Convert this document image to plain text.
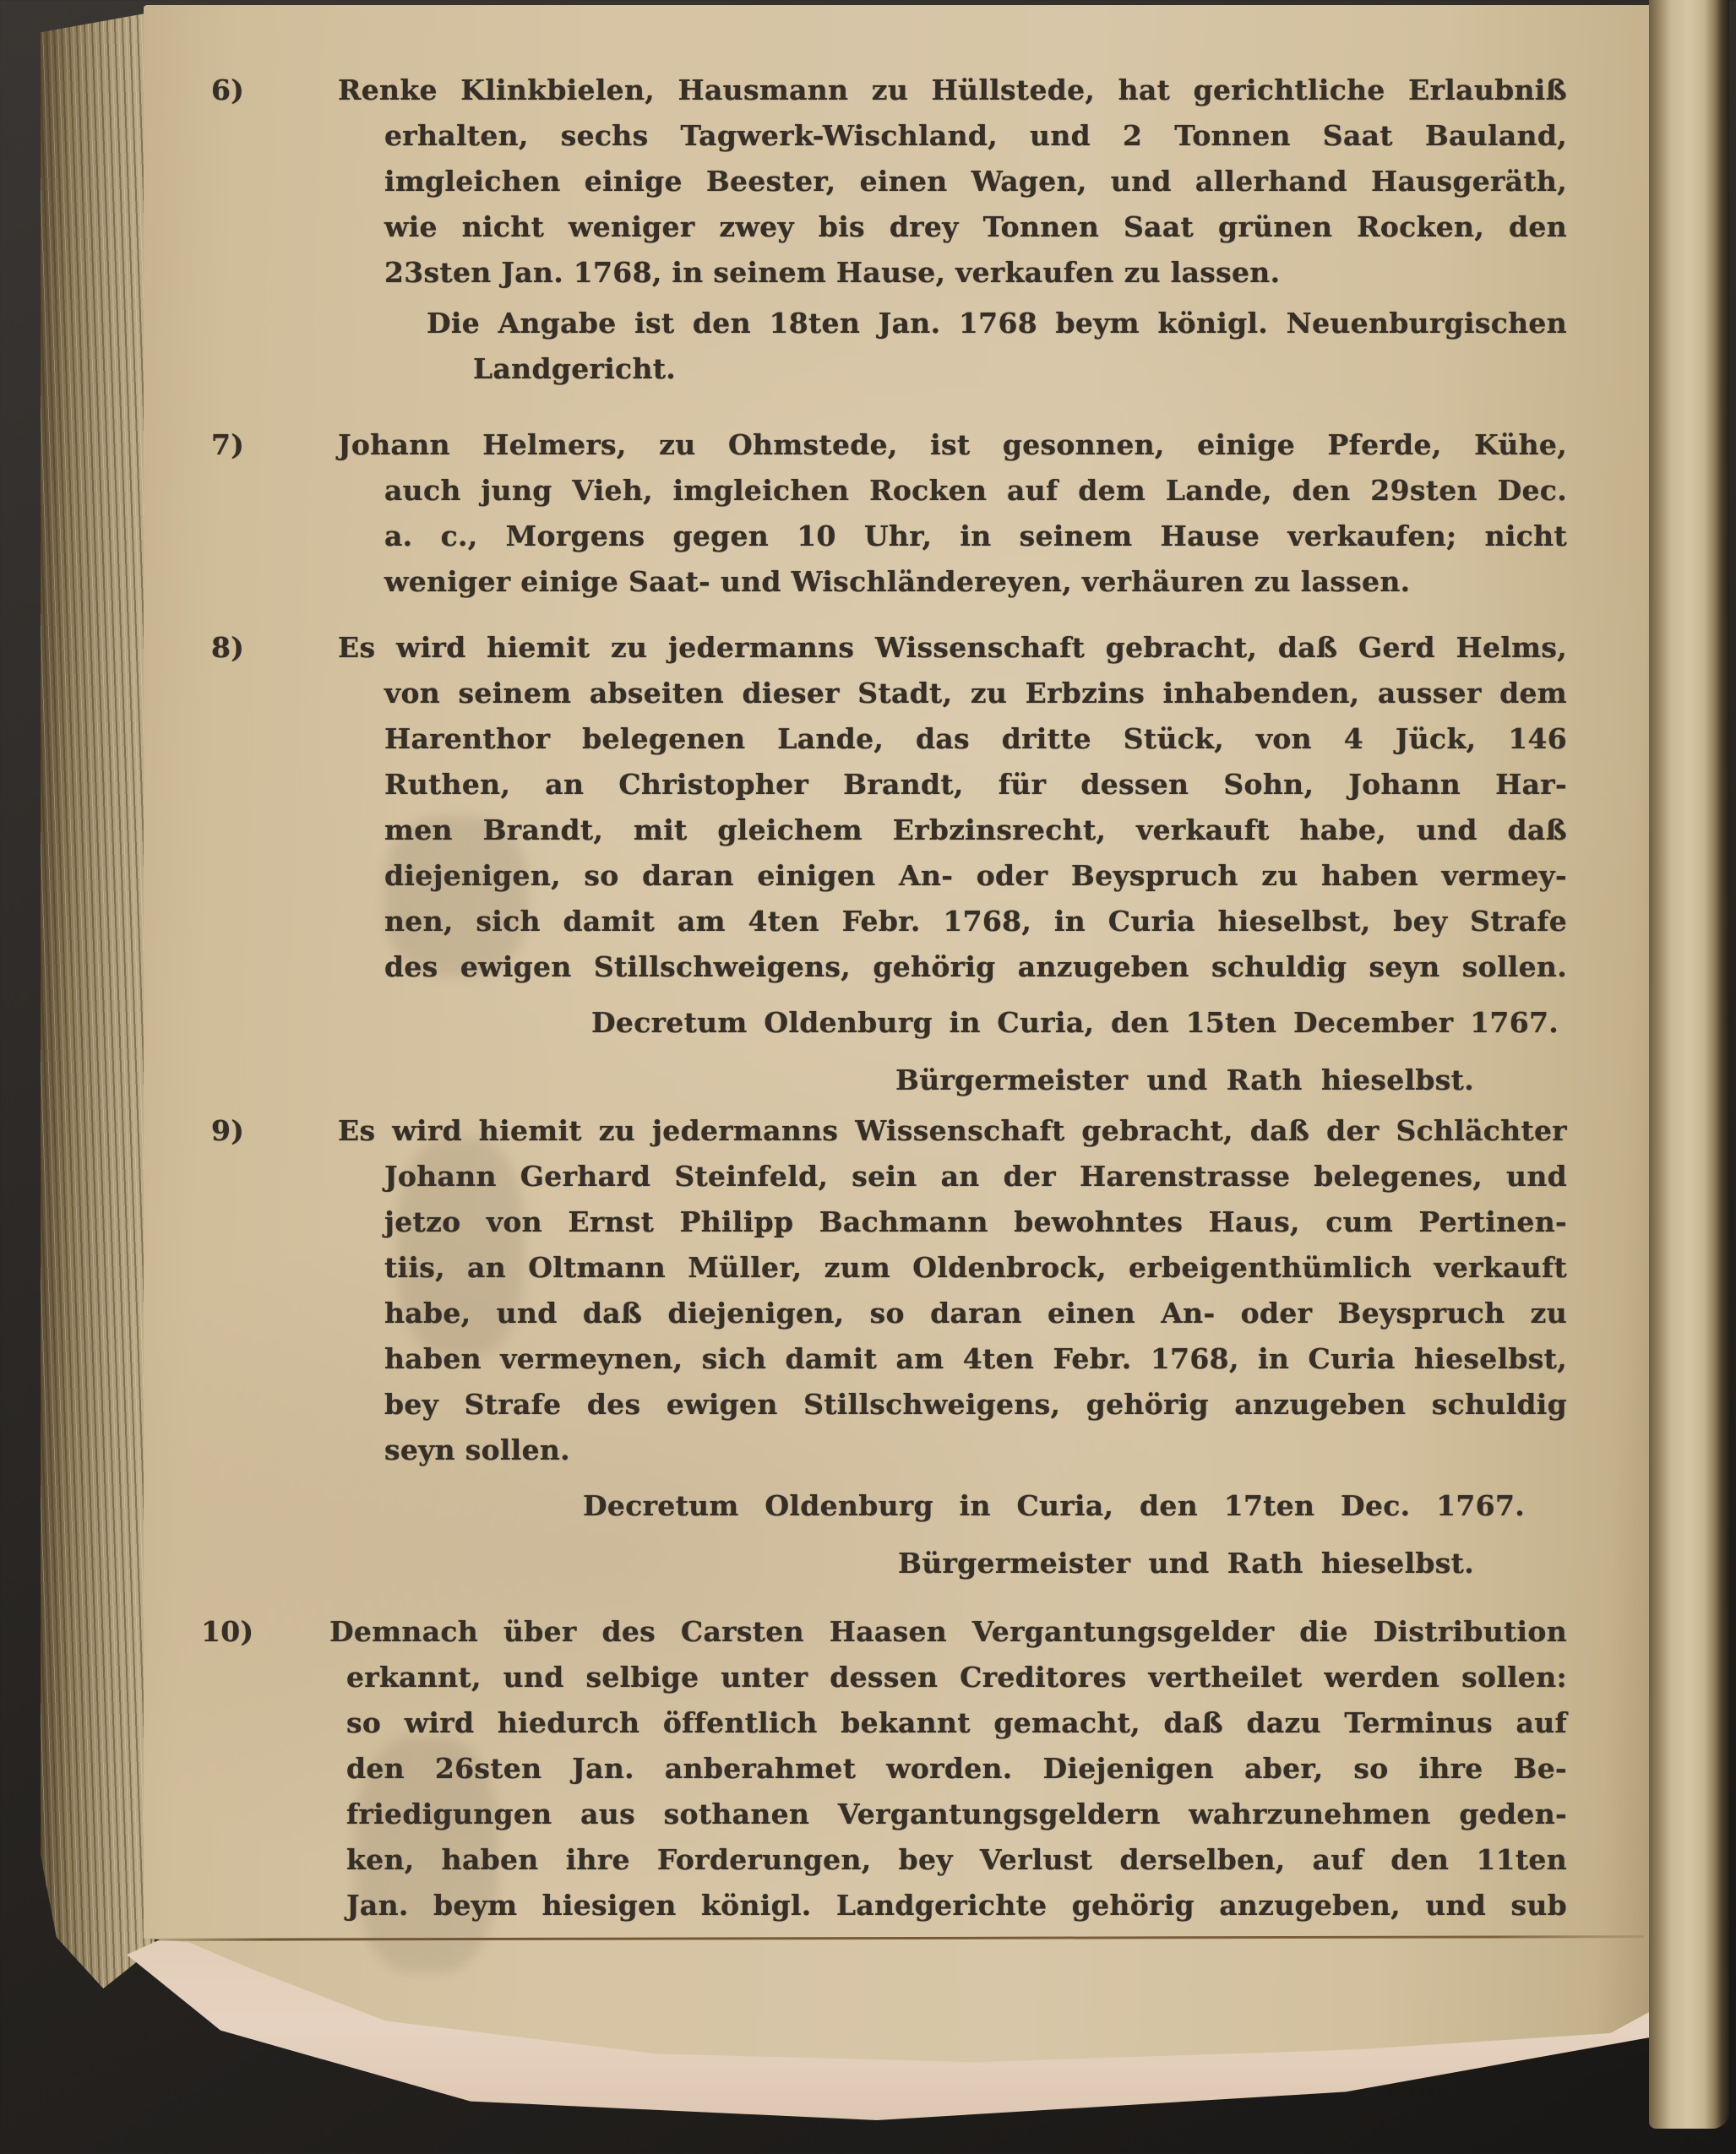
6)	Renke Klinkbielen, Hausmann zu Hüllstede, hat gerichtliche Erlaubniß
erhalten, sechs Tagwerk-Wischland, und 2 Tonnen Saat Bauland,
imgleichen einige Beester, einen Wagen, und allerhand Hausgeräth,
wie nicht weniger zwey bis drey Tonnen Saat grünen Rocken, den
23sten Jan. 1768, in seinem Hause, verkaufen zu lassen.
Die Angabe ist den 18ten Jan. 1768 beym königl. Neuenburgischen
Landgericht.
7)	Johann Helmers, zu Ohmstede, ist gesonnen, einige Pferde, Kühe,
auch jung Vieh, imgleichen Rocken auf dem Lande, den 29sten Dec.
a. c., Morgens gegen 10 Uhr, in seinem Hause verkaufen; nicht
weniger einige Saat- und Wischländereyen, verhäuren zu lassen.
8)	Es wird hiemit zu jedermanns Wissenschaft gebracht, daß Gerd Helms,
von seinem abseiten dieser Stadt, zu Erbzins inhabenden, ausser dem
Harenthor belegenen Lande, das dritte Stück, von 4 Jück, 146
Ruthen, an Christopher Brandt, für dessen Sohn, Johann Har-
men Brandt, mit gleichem Erbzinsrecht, verkauft habe, und daß
diejenigen, so daran einigen An- oder Beyspruch zu haben vermey-
nen, sich damit am 4ten Febr. 1768, in Curia hieselbst, bey Strafe
des ewigen Stillschweigens, gehörig anzugeben schuldig seyn sollen.
Decretum Oldenburg in Curia, den 15ten December 1767.
Bürgermeister und Rath hieselbst.
9)	Es wird hiemit zu jedermanns Wissenschaft gebracht, daß der Schlächter
Johann Gerhard Steinfeld, sein an der Harenstrasse belegenes, und
jetzo von Ernst Philipp Bachmann bewohntes Haus, cum Pertinen-
tiis, an Oltmann Müller, zum Oldenbrock, erbeigenthümlich verkauft
habe, und daß diejenigen, so daran einen An- oder Beyspruch zu
haben vermeynen, sich damit am 4ten Febr. 1768, in Curia hieselbst,
bey Strafe des ewigen Stillschweigens, gehörig anzugeben schuldig
seyn sollen.
Decretum Oldenburg in Curia, den 17ten Dec. 1767.
Bürgermeister und Rath hieselbst.
10)	Demnach über des Carsten Haasen Vergantungsgelder die Distribution
erkannt, und selbige unter dessen Creditores vertheilet werden sollen:
so wird hiedurch öffentlich bekannt gemacht, daß dazu Terminus auf
den 26sten Jan. anberahmet worden. Diejenigen aber, so ihre Be-
friedigungen aus sothanen Vergantungsgeldern wahrzunehmen geden-
ken, haben ihre Forderungen, bey Verlust derselben, auf den 11ten
Jan. beym hiesigen königl. Landgerichte gehörig anzugeben, und sub
